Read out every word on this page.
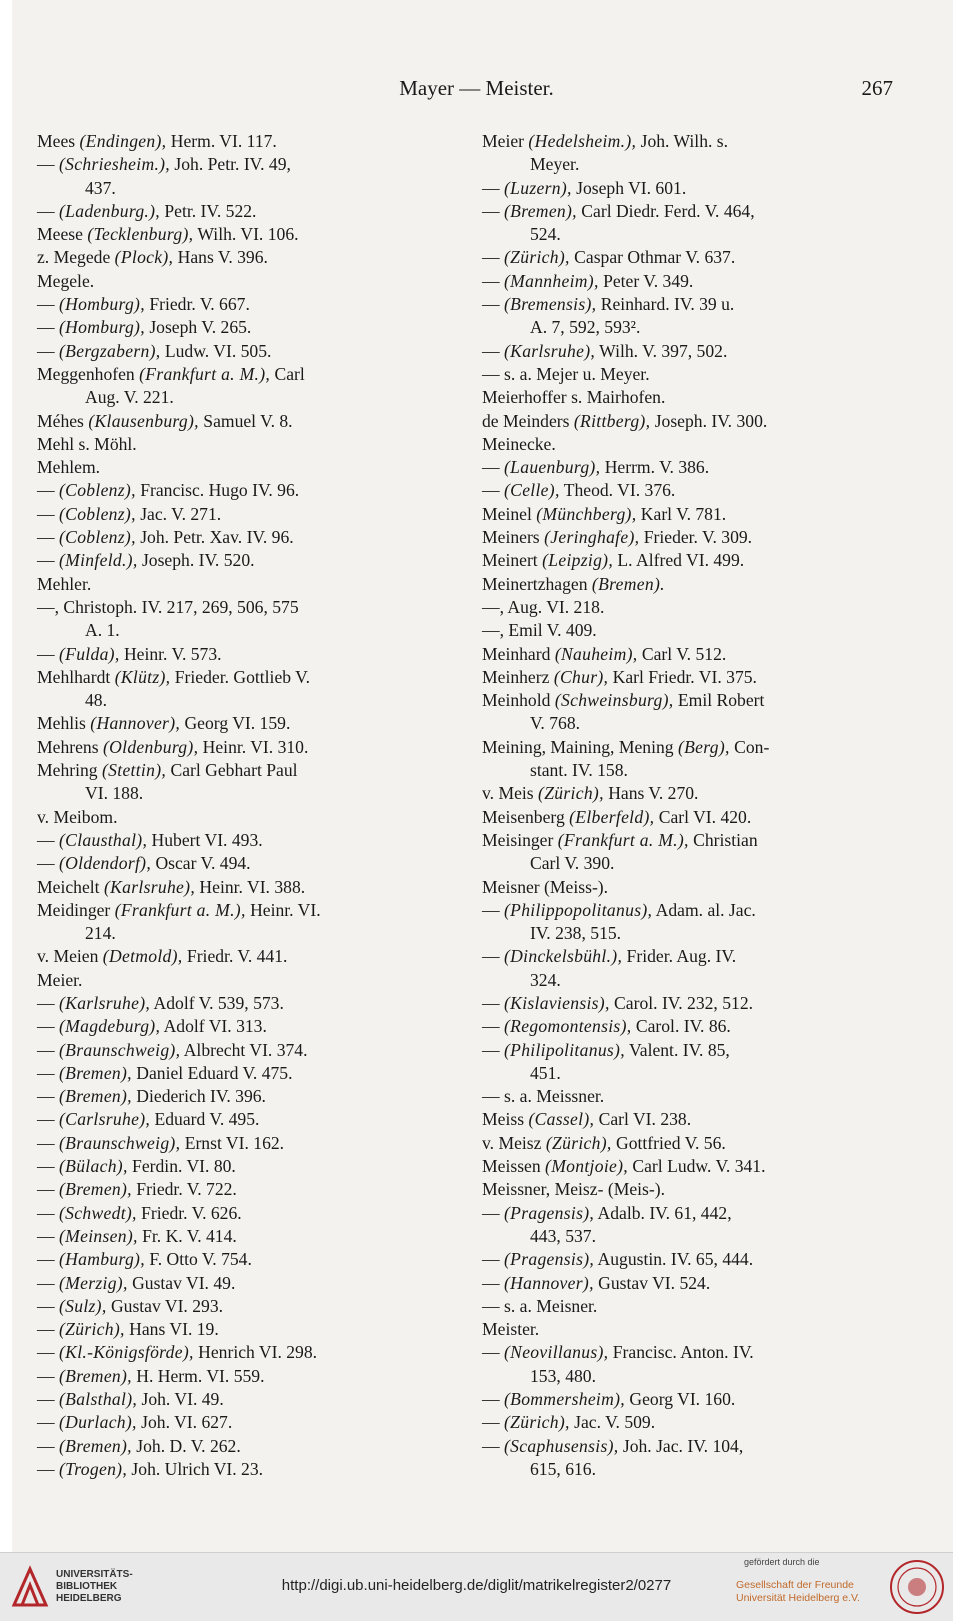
Mayer — Meister.	267
Mees (Endingen), Herm. VI. 117.
— (Schriesheim.), Joh. Petr. IV. 49,
437.
— (Ladenburg.), Petr. IV. 522.
Meese (Tecklenburg), Wilh. VI. 106.
z. Megede (Plock), Hans V. 396.
Megele.
— (Homburg), Friedr. V. 667.
— (Homburg), Joseph V. 265.
— (Bergzabern), Ludw. VI. 505.
Meggenhofen (Frankfurt a. M.), Carl
Aug. V. 221.
Méhes (Klausenburg), Samuel V. 8.
Mehl s. Möhl.
Mehlem.
— (Coblenz), Francisc. Hugo IV. 96.
— (Coblenz), Jac. V. 271.
— (Coblenz), Joh. Petr. Xav. IV. 96.
— (Minfeld.), Joseph. IV. 520.
Mehler.
—, Christoph. IV. 217, 269, 506, 575
A. 1.
— (Fulda), Heinr. V. 573.
Mehlhardt (Klütz), Frieder. Gottlieb V.
48.
Mehlis (Hannover), Georg VI. 159.
Mehrens (Oldenburg), Heinr. VI. 310.
Mehring (Stettin), Carl Gebhart Paul
VI. 188.
v. Meibom.
— (Clausthal), Hubert VI. 493.
— (Oldendorf), Oscar V. 494.
Meichelt (Karlsruhe), Heinr. VI. 388.
Meidinger (Frankfurt a. M.), Heinr. VI.
214.
v. Meien (Detmold), Friedr. V. 441.
Meier.
— (Karlsruhe), Adolf V. 539, 573.
— (Magdeburg), Adolf VI. 313.
— (Braunschweig), Albrecht VI. 374.
— (Bremen), Daniel Eduard V. 475.
— (Bremen), Diederich IV. 396.
— (Carlsruhe), Eduard V. 495.
— (Braunschweig), Ernst VI. 162.
— (Bülach), Ferdin. VI. 80.
— (Bremen), Friedr. V. 722.
— (Schwedt), Friedr. V. 626.
— (Meinsen), Fr. K. V. 414.
— (Hamburg), F. Otto V. 754.
— (Merzig), Gustav VI. 49.
— (Sulz), Gustav VI. 293.
— (Zürich), Hans VI. 19.
— (Kl.-Königsförde), Henrich VI. 298.
— (Bremen), H. Herm. VI. 559.
— (Balsthal), Joh. VI. 49.
— (Durlach), Joh. VI. 627.
— (Bremen), Joh. D. V. 262.
— (Trogen), Joh. Ulrich VI. 23.
Meier (Hedelsheim.), Joh. Wilh. s.
Meyer.
— (Luzern), Joseph VI. 601.
— (Bremen), Carl Diedr. Ferd. V. 464,
524.
— (Zürich), Caspar Othmar V. 637.
— (Mannheim), Peter V. 349.
— (Bremensis), Reinhard. IV. 39 u.
A. 7, 592, 593².
— (Karlsruhe), Wilh. V. 397, 502.
— s. a. Mejer u. Meyer.
Meierhoffer s. Mairhofen.
de Meinders (Rittberg), Joseph. IV. 300.
Meinecke.
— (Lauenburg), Herrm. V. 386.
— (Celle), Theod. VI. 376.
Meinel (Münchberg), Karl V. 781.
Meiners (Jeringhafe), Frieder. V. 309.
Meinert (Leipzig), L. Alfred VI. 499.
Meinertzhagen (Bremen).
—, Aug. VI. 218.
—, Emil V. 409.
Meinhard (Nauheim), Carl V. 512.
Meinherz (Chur), Karl Friedr. VI. 375.
Meinhold (Schweinsburg), Emil Robert
V. 768.
Meining, Maining, Mening (Berg), Con-
stant. IV. 158.
v. Meis (Zürich), Hans V. 270.
Meisenberg (Elberfeld), Carl VI. 420.
Meisinger (Frankfurt a. M.), Christian
Carl V. 390.
Meisner (Meiss-).
— (Philippopolitanus), Adam. al. Jac.
IV. 238, 515.
— (Dinckelsbühl.), Frider. Aug. IV.
324.
— (Kislaviensis), Carol. IV. 232, 512.
— (Regomontensis), Carol. IV. 86.
— (Philipolitanus), Valent. IV. 85,
451.
— s. a. Meissner.
Meiss (Cassel), Carl VI. 238.
v. Meisz (Zürich), Gottfried V. 56.
Meissen (Montjoie), Carl Ludw. V. 341.
Meissner, Meisz- (Meis-).
— (Pragensis), Adalb. IV. 61, 442,
443, 537.
— (Pragensis), Augustin. IV. 65, 444.
— (Hannover), Gustav VI. 524.
— s. a. Meisner.
Meister.
— (Neovillanus), Francisc. Anton. IV.
153, 480.
— (Bommersheim), Georg VI. 160.
— (Zürich), Jac. V. 509.
— (Scaphusensis), Joh. Jac. IV. 104,
615, 616.
UNIVERSITÄTS-
BIBLIOTHEK
HEIDELBERG
http://digi.ub.uni-heidelberg.de/diglit/matrikelregister2/0277
gefördert durch die
Gesellschaft der Freunde
Universität Heidelberg e.V.
